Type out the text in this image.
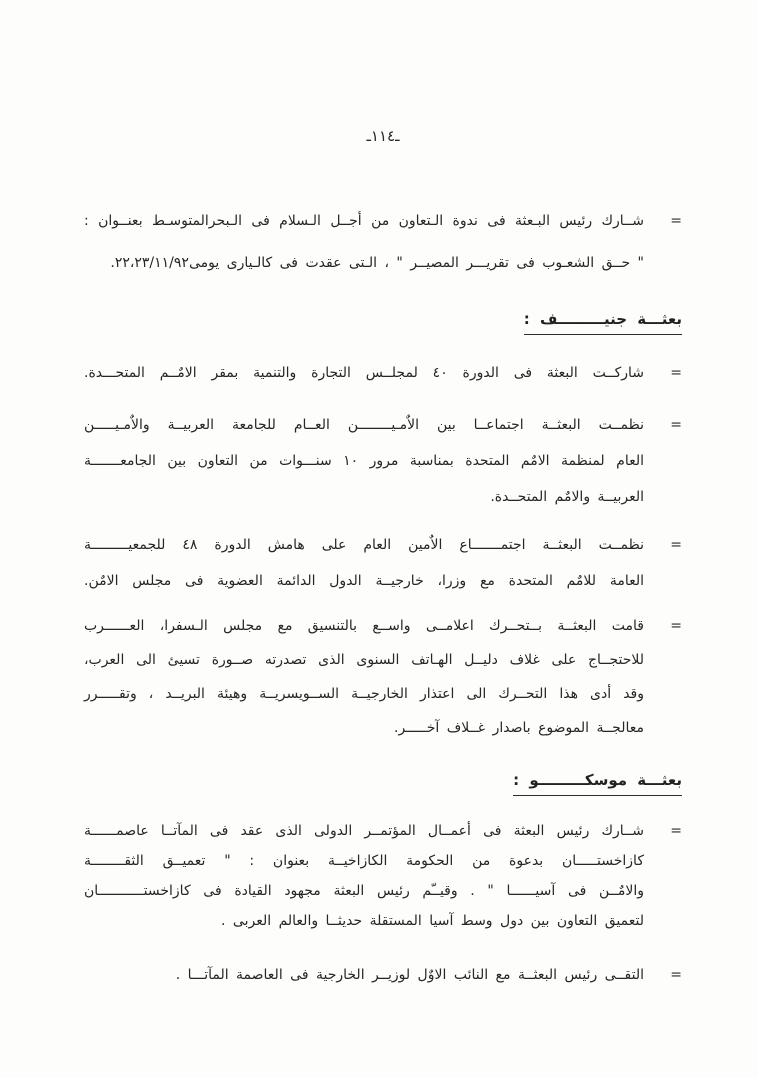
ـ١١٤ـ
=
شــارك رئيس البـعثة فى ندوة الـتعاون من أجــل الـسلام فى الـبحرالمتوسـط بعنــوان :
" حــق الشعـوب فى تقريـــر المصيــر " ، الـتى عقدت فى كالـيارى يومى٢٢،٢٣/١١/٩٢.
بعثـــة جنيـــــــــف :
=
شاركــت البعثة فى الدورة ٤٠ لمجلــس التجارة والتنمية بمقر الامٌــم المتحـــدة.
=
نظمــت البعثــة اجتماعــا بين الاٌمـيــــــــن العــام للجامعة العربيــة والاٌمـيـــــن
العام لمنظمة الامٌم المتحدة بمناسبة مرور ١٠ سنـــوات من التعاون بين الجامعـــــــة
العربيــة والامٌم المتحــدة.
=
نظمــت البعثــة اجتمـــــــاع الاٌمين العام على هامش الدورة ٤٨ للجمعيـــــــــة
العامة للامٌم المتحدة مع وزرا، خارجيــة الدول الدائمة العضوية فى مجلس الامٌن.
=
قامت البعثــة بــتحــرك اعلامــى واســع بالتنسيق مع مجلس الـسفرا، العــــــرب
للاحتجــاج على غلاف دليــل الهـاتف السنوى الذى تصدرته صــورة تسيئ الى العرب،
وقد أدى هذا التحــرك الى اعتذار الخارجيــة الســويسريــة وهيئة البريــد ، وتقـــــرر
معالجــة الموضوع باصدار غــلاف آخـــــر.
بعثـــة موسكـــــــــو :
=
شــارك رئيس البعثة فى أعمــال المؤتمــر الدولى الذى عقد فى المآتــا عاصمــــــة
كازاخستـــــان بدعوة من الحكومة الكازاخيــة بعنوان : " تعميــق الثقــــــــة
والامٌــن فى آسيــــــا " . وقيــّم رئيس البعثة مجهود القيادة فى كازاخستـــــــــــان
لتعميق التعاون بين دول وسط آسيا المستقلة حديثــا والعالم العربى .
=
التقــى رئيس البعثــة مع النائب الاوٌل لوزيــر الخارجية فى العاصمة المآتـــا .
